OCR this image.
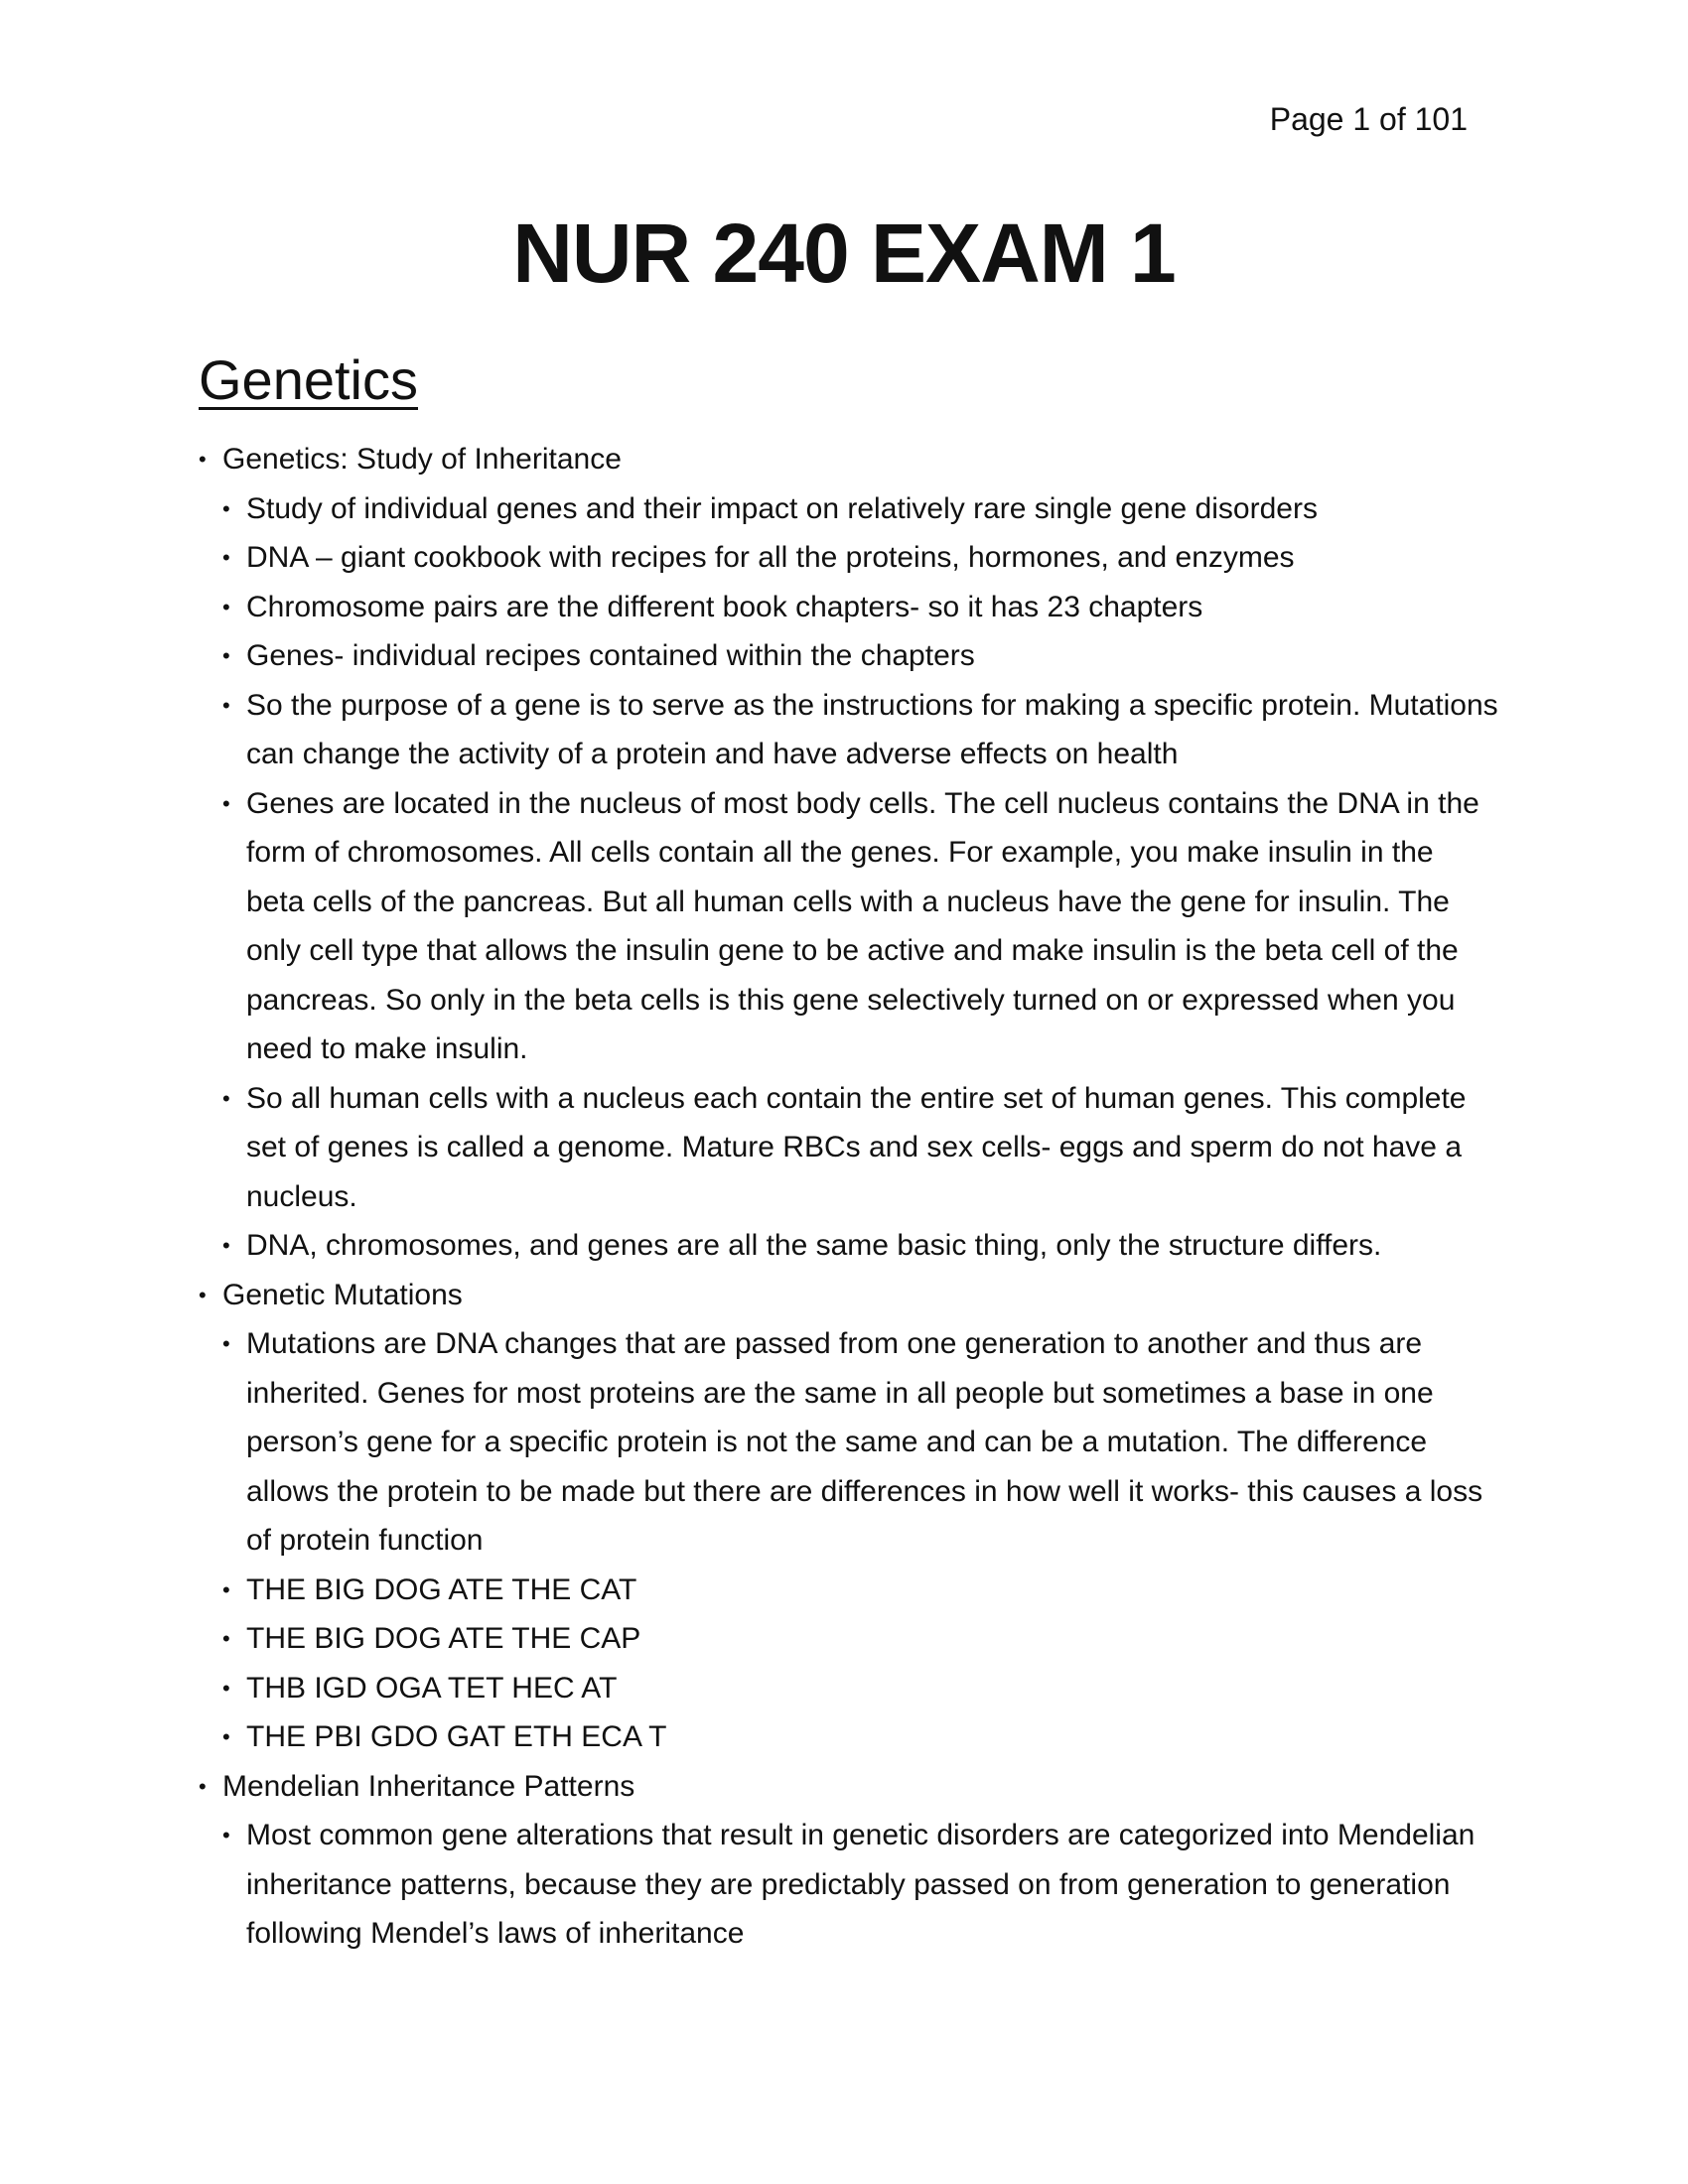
Page 1 of 101

NUR 240 EXAM 1
Genetics

• Genetics: Study of Inheritance

• Study of individual genes and their impact on relatively rare single gene disorders

• DNA – giant cookbook with recipes for all the proteins, hormones, and enzymes

• Chromosome pairs are the different book chapters- so it has 23 chapters

• Genes- individual recipes contained within the chapters

• So the purpose of a gene is to serve as the instructions for making a specific protein. Mutations can change the activity of a protein and have adverse effects on health

• Genes are located in the nucleus of most body cells. The cell nucleus contains the DNA in the form of chromosomes. All cells contain all the genes. For example, you make insulin in the beta cells of the pancreas. But all human cells with a nucleus have the gene for insulin. The only cell type that allows the insulin gene to be active and make insulin is the beta cell of the pancreas. So only in the beta cells is this gene selectively turned on or expressed when you need to make insulin.

• So all human cells with a nucleus each contain the entire set of human genes. This complete set of genes is called a genome. Mature RBCs and sex cells- eggs and sperm do not have a nucleus.

• DNA, chromosomes, and genes are all the same basic thing, only the structure differs.

• Genetic Mutations

• Mutations are DNA changes that are passed from one generation to another and thus are inherited. Genes for most proteins are the same in all people but sometimes a base in one person’s gene for a specific protein is not the same and can be a mutation. The difference allows the protein to be made but there are differences in how well it works- this causes a loss of protein function

• THE BIG DOG ATE THE CAT

• THE BIG DOG ATE THE CAP

• THB IGD OGA TET HEC AT

• THE PBI GDO GAT ETH ECA T

• Mendelian Inheritance Patterns

• Most common gene alterations that result in genetic disorders are categorized into Mendelian inheritance patterns, because they are predictably passed on from generation to generation following Mendel’s laws of inheritance
